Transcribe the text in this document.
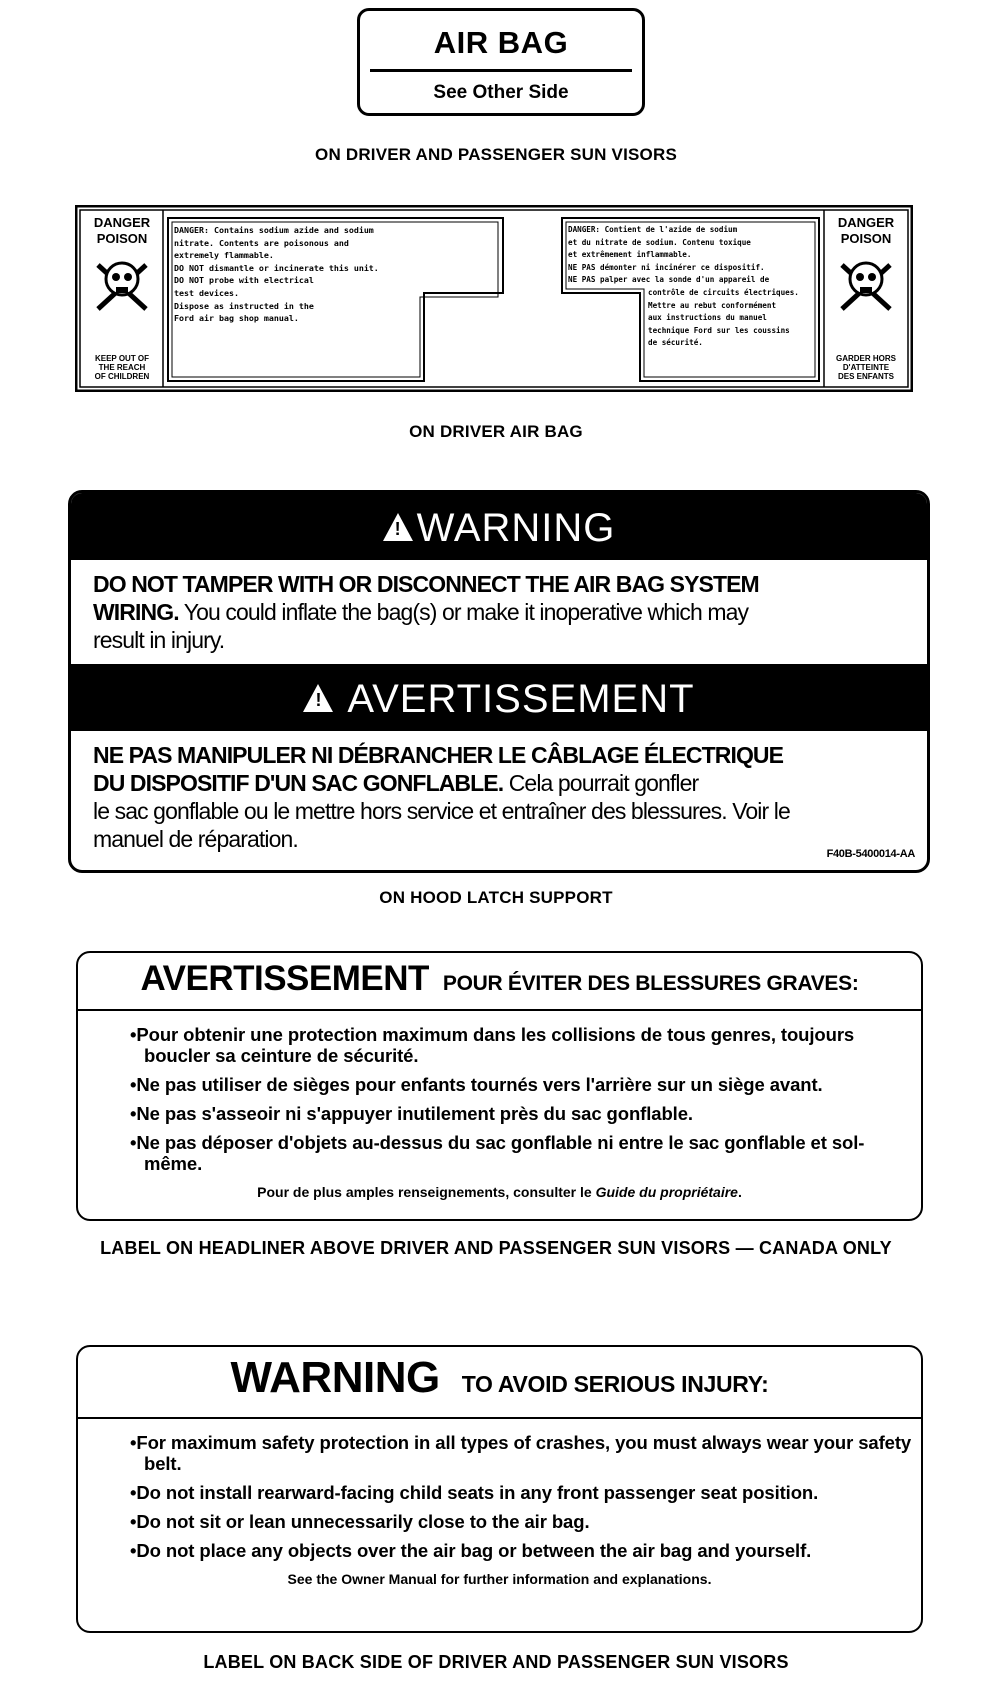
AIR BAG
See Other Side
ON DRIVER AND PASSENGER SUN VISORS
DANGER
POISON
KEEP OUT OF
THE REACH
OF CHILDREN
DANGER
POISON
GARDER HORS
D'ATTEINTE
DES ENFANTS
DANGER: Contains sodium azide and sodium
nitrate. Contents are poisonous and
extremely flammable.
DO NOT dismantle or incinerate this unit.
DO NOT probe with electrical
test devices.
Dispose as instructed in the
Ford air bag shop manual.
DANGER: Contient de l'azide de sodium
et du nitrate de sodium. Contenu toxique
et extrêmement inflammable.
NE PAS démonter ni incinérer ce dispositif.
NE PAS palper avec la sonde d'un appareil de
contrôle de circuits électriques.
Mettre au rebut conformément
aux instructions du manuel
technique Ford sur les coussins
de sécurité.
ON DRIVER AIR BAG
!WARNING
DO NOT TAMPER WITH OR DISCONNECT THE AIR BAG SYSTEM
WIRING. You could inflate the bag(s) or make it inoperative which may
result in injury.
! AVERTISSEMENT
NE PAS MANIPULER NI DÉBRANCHER LE CÂBLAGE ÉLECTRIQUE
DU DISPOSITIF D'UN SAC GONFLABLE. Cela pourrait gonfler
le sac gonflable ou le mettre hors service et entraîner des blessures. Voir le
manuel de réparation.
F40B-5400014-AA
ON HOOD LATCH SUPPORT
AVERTISSEMENT POUR ÉVITER DES BLESSURES GRAVES:
•Pour obtenir une protection maximum dans les collisions de tous genres, toujours boucler sa ceinture de sécurité.
•Ne pas utiliser de sièges pour enfants tournés vers l'arrière sur un siège avant.
•Ne pas s'asseoir ni s'appuyer inutilement près du sac gonflable.
•Ne pas déposer d'objets au-dessus du sac gonflable ni entre le sac gonflable et sol-même.
Pour de plus amples renseignements, consulter le Guide du propriétaire.
LABEL ON HEADLINER ABOVE DRIVER AND PASSENGER SUN VISORS — CANADA ONLY
WARNING TO AVOID SERIOUS INJURY:
•For maximum safety protection in all types of crashes, you must always wear your safety belt.
•Do not install rearward-facing child seats in any front passenger seat position.
•Do not sit or lean unnecessarily close to the air bag.
•Do not place any objects over the air bag or between the air bag and yourself.
See the Owner Manual for further information and explanations.
LABEL ON BACK SIDE OF DRIVER AND PASSENGER SUN VISORS
